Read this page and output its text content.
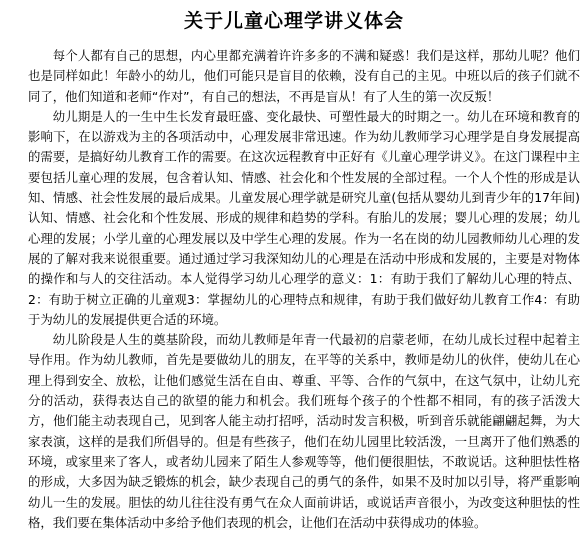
关于儿童心理学讲义体会

每个人都有自己的思想，内心里都充满着许许多多的不满和疑惑！我们是这样，那幼儿呢？他们也是同样如此！年龄小的幼儿，他们可能只是盲目的依赖，没有自己的主见。中班以后的孩子们就不同了，他们知道和老师“作对”，有自己的想法，不再是盲从！有了人生的第一次反叛！

幼儿期是人的一生中生长发育最旺盛、变化最快、可塑性最大的时期之一。幼儿在环境和教育的影响下，在以游戏为主的各项活动中，心理发展非常迅速。作为幼儿教师学习心理学是自身发展提高的需要，是搞好幼儿教育工作的需要。在这次远程教育中正好有《儿童心理学讲义》。在这门课程中主要包括儿童心理的发展，包含着认知、情感、社会化和个性发展的全部过程。一个人个性的形成是认知、情感、社会性发展的最后成果。儿童发展心理学就是研究儿童(包括从婴幼儿到青少年的17年间)认知、情感、社会化和个性发展、形成的规律和趋势的学科。有胎儿的发展；婴儿心理的发展；幼儿心理的发展；小学儿童的心理发展以及中学生心理的发展。作为一名在岗的幼儿园教师幼儿心理的发展的了解对我来说很重要。通过通过学习我深知幼儿的心理是在活动中形成和发展的，主要是对物体的操作和与人的交往活动。本人觉得学习幼儿心理学的意义：1：有助于我们了解幼儿心理的特点、2：有助于树立正确的儿童观3：掌握幼儿的心理特点和规律，有助于我们做好幼儿教育工作4：有助于为幼儿的发展提供更合适的环境。

幼儿阶段是人生的奠基阶段，而幼儿教师是年青一代最初的启蒙老师，在幼儿成长过程中起着主导作用。作为幼儿教师，首先是要做幼儿的朋友，在平等的关系中，教师是幼儿的伙伴，使幼儿在心理上得到安全、放松，让他们感觉生活在自由、尊重、平等、合作的气氛中，在这气氛中，让幼儿充分的活动，获得表达自己的欲望的能力和机会。我们班每个孩子的个性都不相同，有的孩子活泼大方，他们能主动表现自己，见到客人能主动打招呼，活动时发言积极，听到音乐就能翩翩起舞，为大家表演，这样的是我们所倡导的。但是有些孩子，他们在幼儿园里比较活泼，一旦离开了他们熟悉的环境，或家里来了客人，或者幼儿园来了陌生人参观等等，他们便很胆怯，不敢说话。这种胆怯性格的形成，大多因为缺乏锻炼的机会，缺少表现自己的勇气的条件，如果不及时加以引导，将严重影响幼儿一生的发展。胆怯的幼儿往往没有勇气在众人面前讲话，或说话声音很小，为改变这种胆怯的性格，我们要在集体活动中多给予他们表现的机会，让他们在活动中获得成功的体验。
